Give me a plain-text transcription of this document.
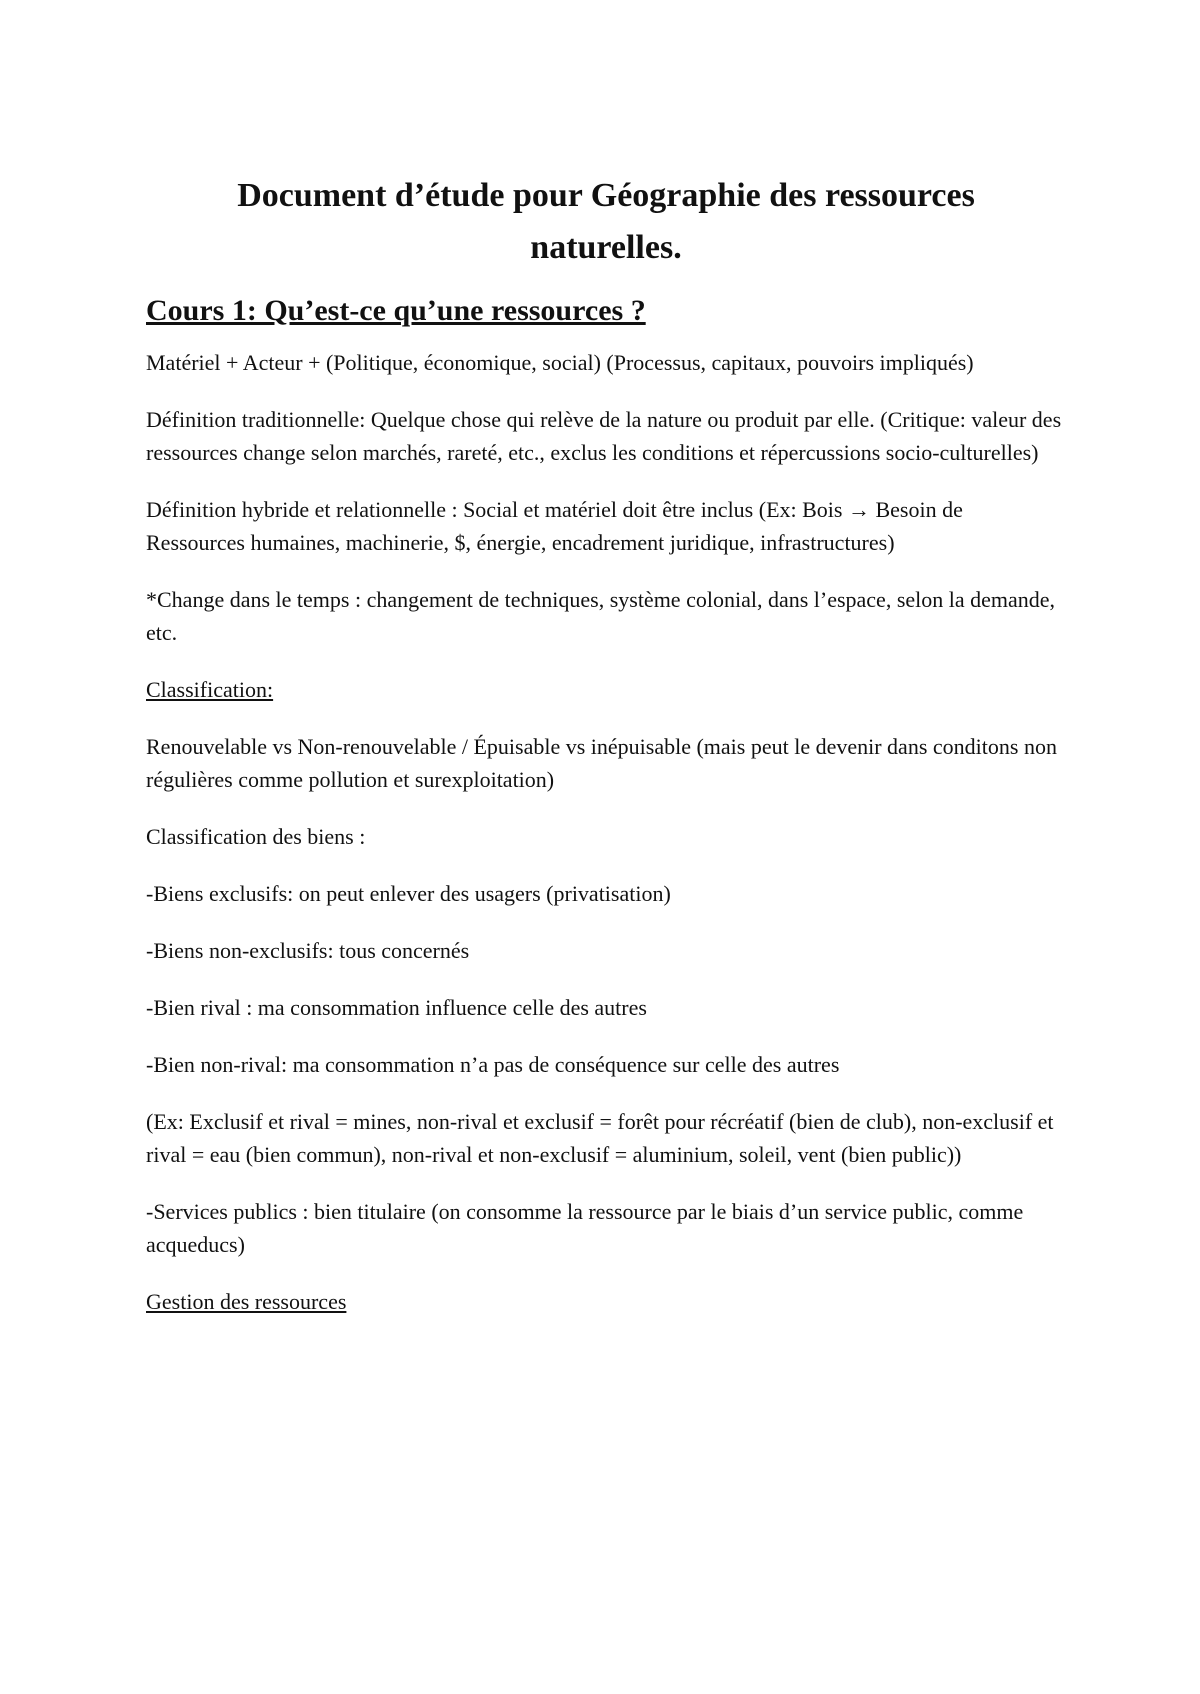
Document d’étude pour Géographie des ressources naturelles.
Cours 1: Qu’est-ce qu’une ressources ?

Matériel + Acteur + (Politique, économique, social) (Processus, capitaux, pouvoirs impliqués)

Définition traditionnelle: Quelque chose qui relève de la nature ou produit par elle. (Critique: valeur des ressources change selon marchés, rareté, etc., exclus les conditions et répercussions socio-culturelles)

Définition hybride et relationnelle : Social et matériel doit être inclus (Ex: Bois → Besoin de Ressources humaines, machinerie, $, énergie, encadrement juridique, infrastructures)

*Change dans le temps : changement de techniques, système colonial, dans l’espace, selon la demande, etc.

Classification:

Renouvelable vs Non-renouvelable / Épuisable vs inépuisable (mais peut le devenir dans conditons non régulières comme pollution et surexploitation)

Classification des biens :

-Biens exclusifs: on peut enlever des usagers (privatisation)

-Biens non-exclusifs: tous concernés

-Bien rival : ma consommation influence celle des autres

-Bien non-rival: ma consommation n’a pas de conséquence sur celle des autres

(Ex: Exclusif et rival = mines, non-rival et exclusif = forêt pour récréatif (bien de club), non-exclusif et rival = eau (bien commun), non-rival et non-exclusif = aluminium, soleil, vent (bien public))

-Services publics : bien titulaire (on consomme la ressource par le biais d’un service public, comme acqueducs)

Gestion des ressources
